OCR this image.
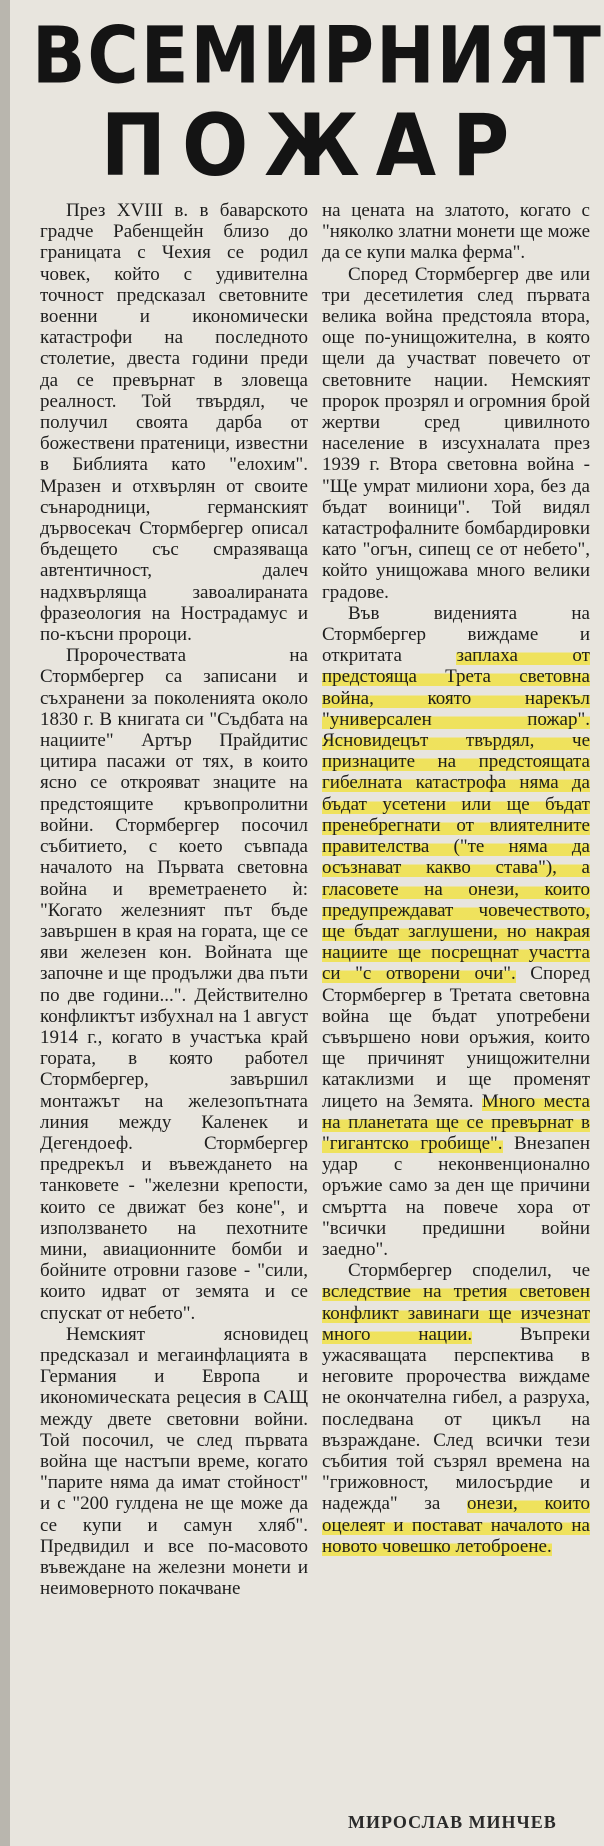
ВСЕМИРНИЯТ
ПОЖАР

През XVIII в. в баварското градче Рабенщейн близо до границата с Чехия се родил човек, който с удивителна точност предсказал световните военни и икономически катастрофи на последното столетие, двеста години преди да се превърнат в зловеща реалност. Той твърдял, че получил своята дарба от божествени пратеници, известни в Библията като "елохим". Мразен и отхвърлян от своите сънародници, германският дървосекач Стормбергер описал бъдещето със смразяваща автентичност, далеч надхвърляща завоалираната фразеология на Нострадамус и по-късни пророци.

Пророчествата на Стормбергер са записани и съхранени за поколенията около 1830 г. В книгата си "Съдбата на нациите" Артър Прайдитис цитира пасажи от тях, в които ясно се открояват знаците на предстоящите кръвопролитни войни. Стормбергер посочил събитието, с което съвпада началото на Първата световна война и времетраенето ѝ: "Когато железният път бъде завършен в края на гората, ще се яви железен кон. Войната ще започне и ще продължи два пъти по две години...". Действително конфликтът избухнал на 1 август 1914 г., когато в участъка край гората, в която работел Стормбергер, завършил монтажът на железопътната линия между Каленек и Дегендоеф. Стормбергер предрекъл и въвеждането на танковете - "железни крепости, които се движат без коне", и използването на пехотните мини, авиационните бомби и бойните отровни газове - "сили, които идват от земята и се спускат от небето".

Немският ясновидец предсказал и мегаинфлацията в Германия и Европа и икономическата рецесия в САЩ между двете световни войни. Той посочил, че след първата война ще настъпи време, когато "парите няма да имат стойност" и с "200 гулдена не ще може да се купи и самун хляб". Предвидил и все по-масовото въвеждане на железни монети и неимоверното покачване

на цената на златото, когато с "няколко златни монети ще може да се купи малка ферма".

Според Стормбергер две или три десетилетия след първата велика война предстояла втора, още по-унищожителна, в която щели да участват повечето от световните нации. Немският пророк прозрял и огромния брой жертви сред цивилното население в изсухналата през 1939 г. Втора световна война - "Ще умрат милиони хора, без да бъдат воиници". Той видял катастрофалните бомбардировки като "огън, сипещ се от небето", който унищожава много велики градове.

Във виденията на Стормбергер виждаме и откритата заплаха от предстояща Трета световна война, която нарекъл "универсален пожар". Ясновидецът твърдял, че признаците на предстоящата гибелната катастрофа няма да бъдат усетени или ще бъдат пренебрегнати от влиятелните правителства ("те няма да осъзнават какво става"), а гласовете на онези, които предупреждават човечеството, ще бъдат заглушени, но накрая нациите ще посрещнат участта си "с отворени очи". Според Стормбергер в Третата световна война ще бъдат употребени съвършено нови оръжия, които ще причинят унищожителни катаклизми и ще променят лицето на Земята. Много места на планетата ще се превърнат в "гигантско гробище". Внезапен удар с неконвенционално оръжие само за ден ще причини смъртта на повече хора от "всички предишни войни заедно".

Стормбергер споделил, че вследствие на третия световен конфликт завинаги ще изчезнат много нации. Въпреки ужасяващата перспектива в неговите пророчества виждаме не окончателна гибел, а разруха, последвана от цикъл на възраждане. След всички тези събития той съзрял времена на "грижовност, милосърдие и надежда" за онези, които оцелеят и постават началото на новото човешко летоброене.

МИРОСЛАВ МИНЧЕВ
